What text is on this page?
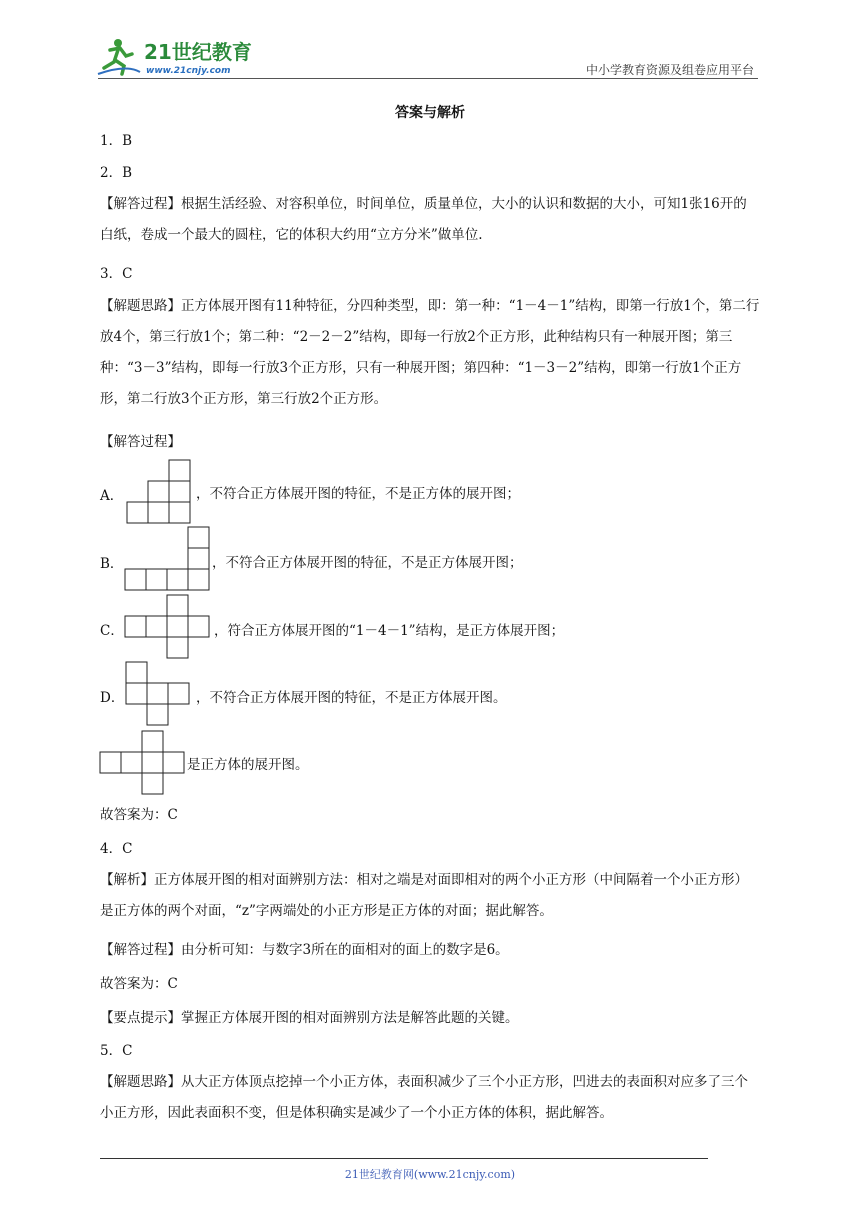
21世纪教育
www.21cnjy.com	中小学教育资源及组卷应用平台
答案与解析
1．B
2．B
【解答过程】根据生活经验、对容积单位，时间单位，质量单位，大小的认识和数据的大小，可知1张16开的白纸，卷成一个最大的圆柱，它的体积大约用“立方分米”做单位.
3．C
【解题思路】正方体展开图有11种特征，分四种类型，即：第一种：“1－4－1”结构，即第一行放1个，第二行放4个，第三行放1个；第二种：“2－2－2”结构，即每一行放2个正方形，此种结构只有一种展开图；第三种：“3－3”结构，即每一行放3个正方形，只有一种展开图；第四种：“1－3－2”结构，即第一行放1个正方形，第二行放3个正方形，第三行放2个正方形。
【解答过程】
A．	，不符合正方体展开图的特征，不是正方体的展开图；
B．	，不符合正方体展开图的特征，不是正方体展开图；
C．	，符合正方体展开图的“1－4－1”结构，是正方体展开图；
D．	，不符合正方体展开图的特征，不是正方体展开图。
是正方体的展开图。
故答案为：C
4．C
【解析】正方体展开图的相对面辨别方法：相对之端是对面即相对的两个小正方形（中间隔着一个小正方形）是正方体的两个对面，“z”字两端处的小正方形是正方体的对面；据此解答。
【解答过程】由分析可知：与数字3所在的面相对的面上的数字是6。
故答案为：C
【要点提示】掌握正方体展开图的相对面辨别方法是解答此题的关键。
5．C
【解题思路】从大正方体顶点挖掉一个小正方体，表面积减少了三个小正方形，凹进去的表面积对应多了三个小正方形，因此表面积不变，但是体积确实是减少了一个小正方体的体积，据此解答。
21世纪教育网(www.21cnjy.com)
